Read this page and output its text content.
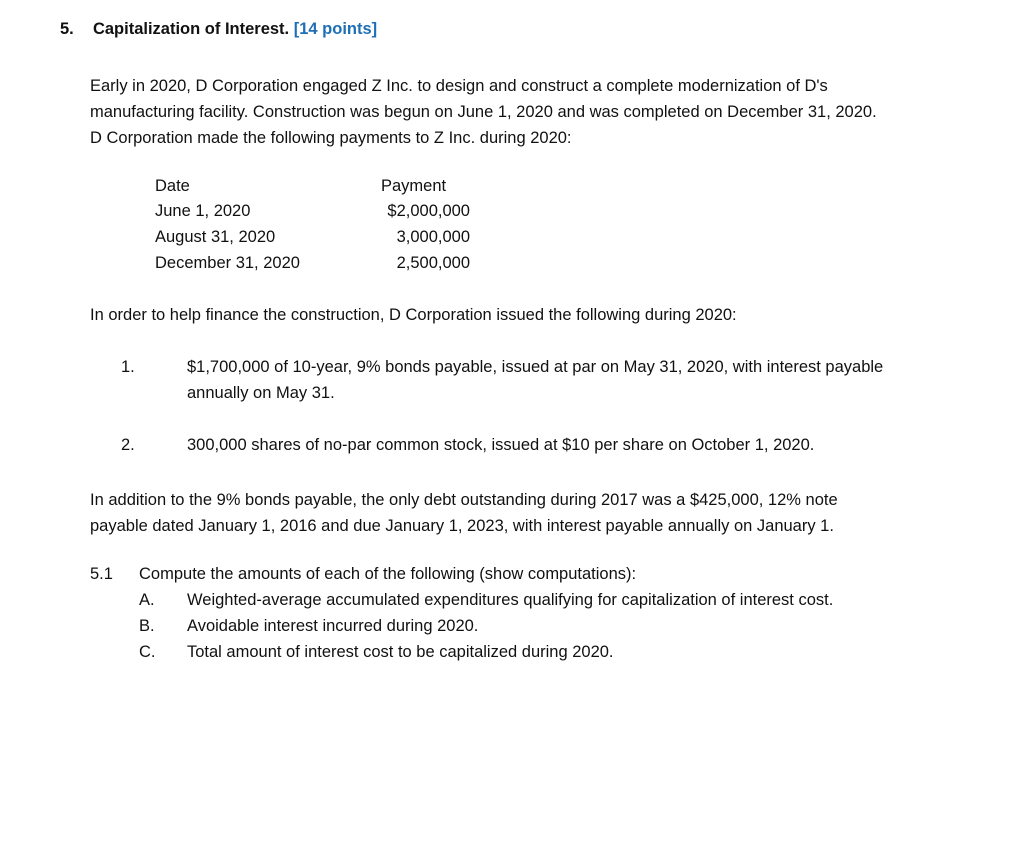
5. Capitalization of Interest. [14 points]
Early in 2020, D Corporation engaged Z Inc. to design and construct a complete modernization of D's
manufacturing facility. Construction was begun on June 1, 2020 and was completed on December 31, 2020.
D Corporation made the following payments to Z Inc. during 2020:
Date	Payment
June 1, 2020	$2,000,000
August 31, 2020	3,000,000
December 31, 2020	2,500,000
In order to help finance the construction, D Corporation issued the following during 2020:
1.	$1,700,000 of 10-year, 9% bonds payable, issued at par on May 31, 2020, with interest payable
annually on May 31.
2.	300,000 shares of no-par common stock, issued at $10 per share on October 1, 2020.
In addition to the 9% bonds payable, the only debt outstanding during 2017 was a $425,000, 12% note
payable dated January 1, 2016 and due January 1, 2023, with interest payable annually on January 1.
5.1 Compute the amounts of each of the following (show computations):
A. Weighted-average accumulated expenditures qualifying for capitalization of interest cost.
B. Avoidable interest incurred during 2020.
C. Total amount of interest cost to be capitalized during 2020.
